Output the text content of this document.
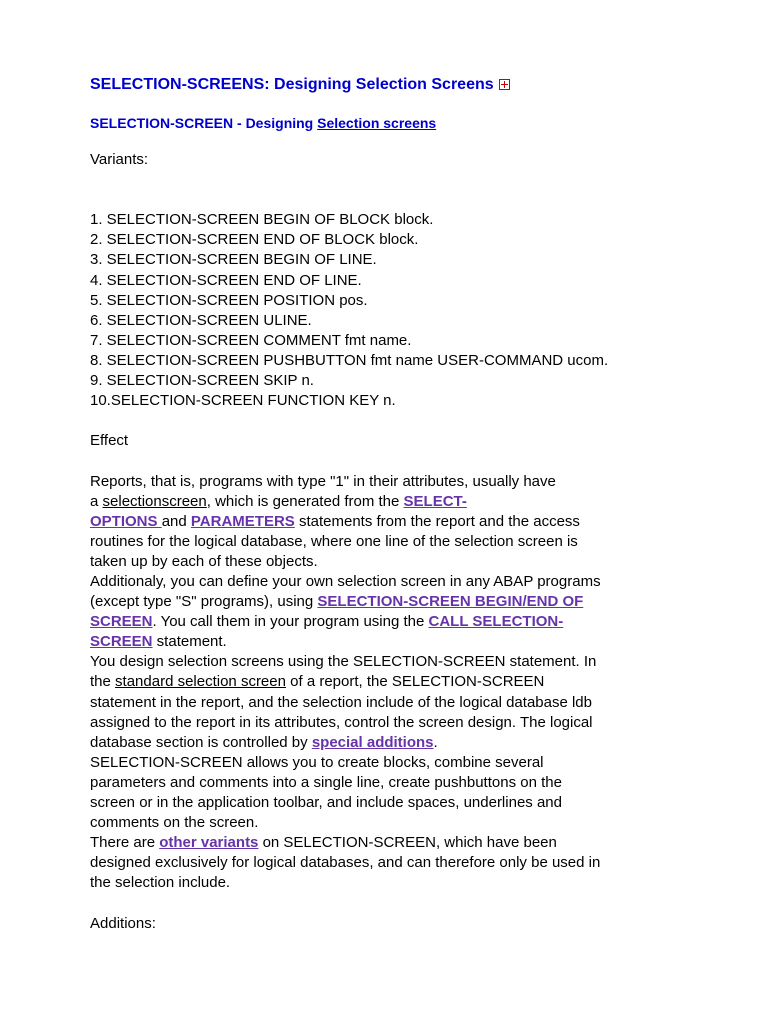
SELECTION-SCREENS: Designing Selection Screens
SELECTION-SCREEN - Designing Selection screens
Variants:
1. SELECTION-SCREEN BEGIN OF BLOCK block.
2. SELECTION-SCREEN END OF BLOCK block.
3. SELECTION-SCREEN BEGIN OF LINE.
4. SELECTION-SCREEN END OF LINE.
5. SELECTION-SCREEN POSITION pos.
6. SELECTION-SCREEN ULINE.
7. SELECTION-SCREEN COMMENT fmt name.
8. SELECTION-SCREEN PUSHBUTTON fmt name USER-COMMAND ucom.
9. SELECTION-SCREEN SKIP n.
10.SELECTION-SCREEN FUNCTION KEY n.
Effect
Reports, that is, programs with type "1" in their attributes, usually have
a selectionscreen, which is generated from the SELECT-
OPTIONS and PARAMETERS statements from the report and the access
routines for the logical database, where one line of the selection screen is
taken up by each of these objects.
Additionaly, you can define your own selection screen in any ABAP programs
(except type "S" programs), using SELECTION-SCREEN BEGIN/END OF
SCREEN. You call them in your program using the CALL SELECTION-
SCREEN statement.
You design selection screens using the SELECTION-SCREEN statement. In
the standard selection screen of a report, the SELECTION-SCREEN
statement in the report, and the selection include of the logical database ldb
assigned to the report in its attributes, control the screen design. The logical
database section is controlled by special additions.
SELECTION-SCREEN allows you to create blocks, combine several
parameters and comments into a single line, create pushbuttons on the
screen or in the application toolbar, and include spaces, underlines and
comments on the screen.
There are other variants on SELECTION-SCREEN, which have been
designed exclusively for logical databases, and can therefore only be used in
the selection include.
Additions:
